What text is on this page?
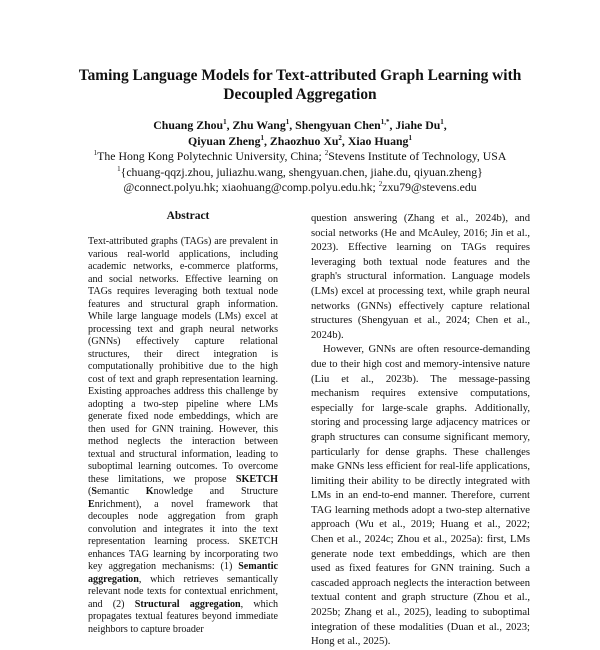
Taming Language Models for Text-attributed Graph Learning with
Decoupled Aggregation
Chuang Zhou$^1$, Zhu Wang$^1$, Shengyuan Chen$^{1,*}$, Jiahe Du$^1$,
Qiyuan Zheng$^1$, Zhaozhuo Xu$^2$, Xiao Huang$^1$
$^1$The Hong Kong Polytechnic University, China; $^2$Stevens Institute of Technology, USA
$^1${chuang-qqzj.zhou, juliazhu.wang, shengyuan.chen, jiahe.du, qiyuan.zheng}
@connect.polyu.hk; xiaohuang@comp.polyu.edu.hk; $^2$zxu79@stevens.edu
Abstract

Text-attributed graphs (TAGs) are prevalent in various real-world applications, including academic networks, e-commerce platforms, and social networks. Effective learning on TAGs requires leveraging both textual node features and structural graph information. While large language models (LMs) excel at processing text and graph neural networks (GNNs) effectively capture relational structures, their direct integration is computationally prohibitive due to the high cost of text and graph representation learning. Existing approaches address this challenge by adopting a two-step pipeline where LMs generate fixed node embeddings, which are then used for GNN training. However, this method neglects the interaction between textual and structural information, leading to suboptimal learning outcomes. To overcome these limitations, we propose SKETCH (Semantic Knowledge and Structure Enrichment), a novel framework that decouples node aggregation from graph convolution and integrates it into the text representation learning process. SKETCH enhances TAG learning by incorporating two key aggregation mechanisms: (1) Semantic aggregation, which retrieves semantically relevant node texts for contextual enrichment, and (2) Structural aggregation, which propagates textual features beyond immediate neighbors to capture broader

question answering (Zhang et al., 2024b), and social networks (He and McAuley, 2016; Jin et al., 2023). Effective learning on TAGs requires leveraging both textual node features and the graph's structural information. Language models (LMs) excel at processing text, while graph neural networks (GNNs) effectively capture relational structures (Shengyuan et al., 2024; Chen et al., 2024b).

However, GNNs are often resource-demanding due to their high cost and memory-intensive nature (Liu et al., 2023b). The message-passing mechanism requires extensive computations, especially for large-scale graphs. Additionally, storing and processing large adjacency matrices or graph structures can consume significant memory, particularly for dense graphs. These challenges make GNNs less efficient for real-life applications, limiting their ability to be directly integrated with LMs in an end-to-end manner. Therefore, current TAG learning methods adopt a two-step alternative approach (Wu et al., 2019; Huang et al., 2022; Chen et al., 2024c; Zhou et al., 2025a): first, LMs generate node text embeddings, which are then used as fixed features for GNN training. Such a cascaded approach neglects the interaction between textual content and graph structure (Zhou et al., 2025b; Zhang et al., 2025), leading to suboptimal integration of these modalities (Duan et al., 2023; Hong et al., 2025).
